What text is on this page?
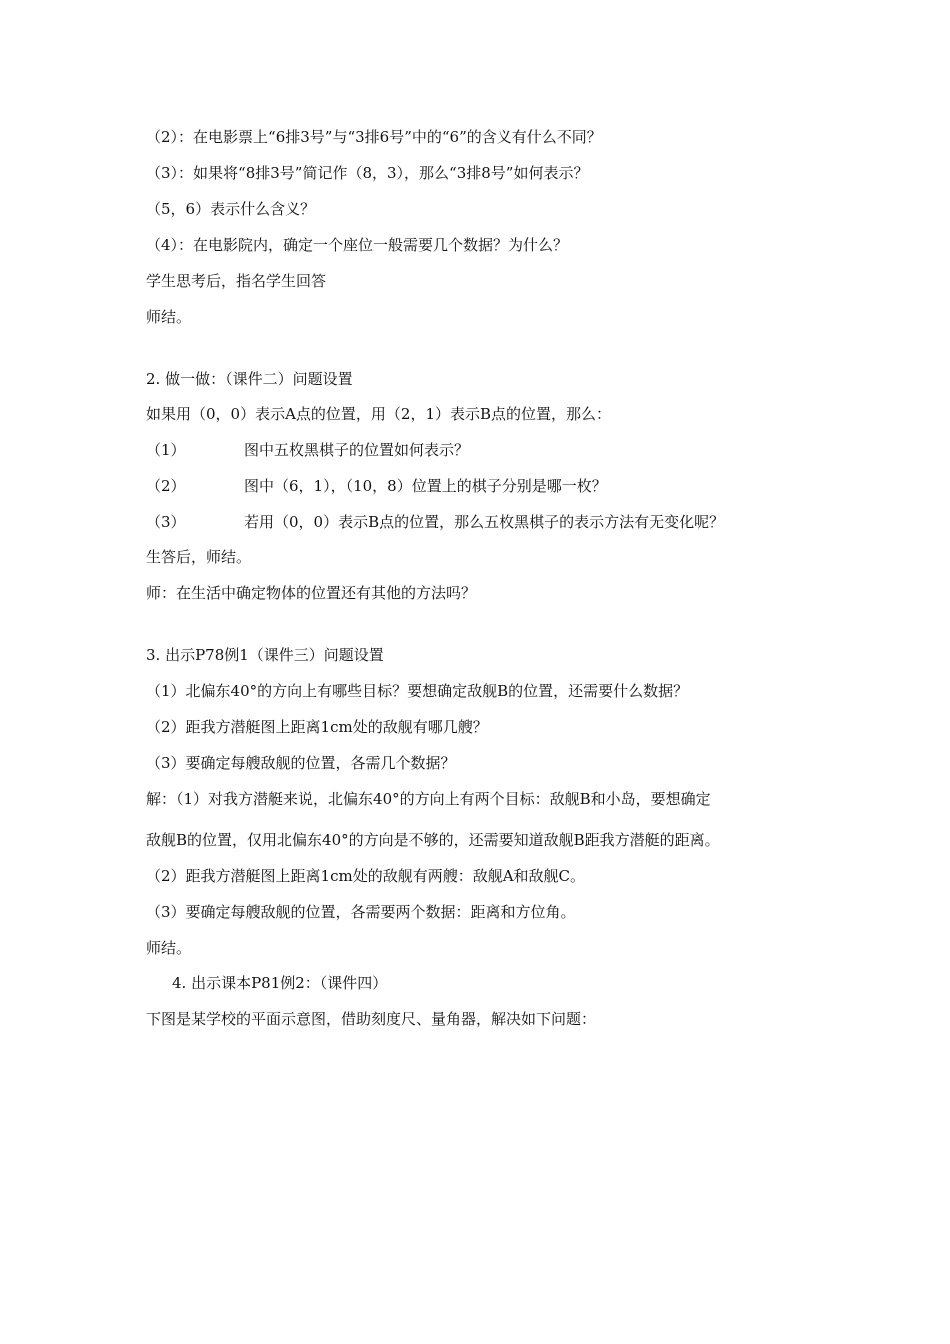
（2）：在电影票上“6排3号”与“3排6号”中的“6”的含义有什么不同？
（3）：如果将“8排3号”简记作（8，3），那么“3排8号”如何表示？
（5，6）表示什么含义？
（4）：在电影院内，确定一个座位一般需要几个数据？为什么？
学生思考后，指名学生回答
师结。
2. 做一做：（课件二）问题设置
如果用（0，0）表示A点的位置，用（2，1）表示B点的位置，那么：
（1）	图中五枚黑棋子的位置如何表示？
（2）	图中（6，1），（10，8）位置上的棋子分别是哪一枚？
（3）	若用（0，0）表示B点的位置，那么五枚黑棋子的表示方法有无变化呢？
生答后，师结。
师：在生活中确定物体的位置还有其他的方法吗？
3. 出示P78例1（课件三）问题设置
（1）北偏东40°的方向上有哪些目标？要想确定敌舰B的位置，还需要什么数据？
（2）距我方潜艇图上距离1cm处的敌舰有哪几艘？
（3）要确定每艘敌舰的位置，各需几个数据？
解：（1）对我方潜艇来说，北偏东40°的方向上有两个目标：敌舰B和小岛，要想确定
敌舰B的位置，仅用北偏东40°的方向是不够的，还需要知道敌舰B距我方潜艇的距离。
（2）距我方潜艇图上距离1cm处的敌舰有两艘：敌舰A和敌舰C。
（3）要确定每艘敌舰的位置，各需要两个数据：距离和方位角。
师结。
4. 出示课本P81例2：（课件四）
下图是某学校的平面示意图，借助刻度尺、量角器，解决如下问题：
